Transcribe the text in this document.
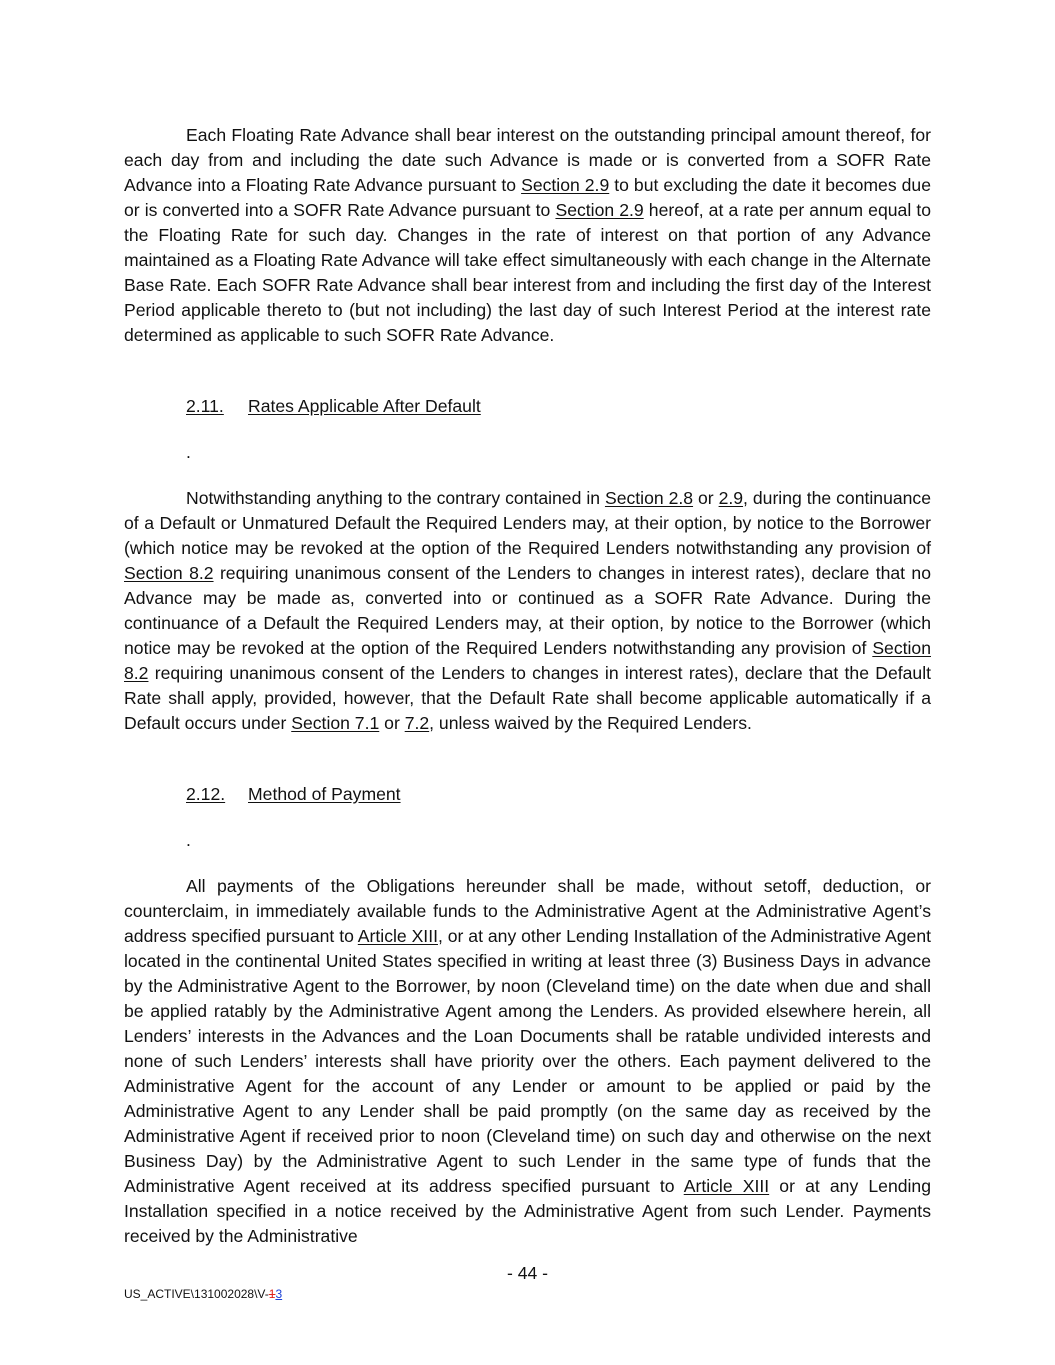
Each Floating Rate Advance shall bear interest on the outstanding principal amount thereof, for each day from and including the date such Advance is made or is converted from a SOFR Rate Advance into a Floating Rate Advance pursuant to Section 2.9 to but excluding the date it becomes due or is converted into a SOFR Rate Advance pursuant to Section 2.9 hereof, at a rate per annum equal to the Floating Rate for such day. Changes in the rate of interest on that portion of any Advance maintained as a Floating Rate Advance will take effect simultaneously with each change in the Alternate Base Rate. Each SOFR Rate Advance shall bear interest from and including the first day of the Interest Period applicable thereto to (but not including) the last day of such Interest Period at the interest rate determined as applicable to such SOFR Rate Advance.

2.11. Rates Applicable After Default
.

Notwithstanding anything to the contrary contained in Section 2.8 or 2.9, during the continuance of a Default or Unmatured Default the Required Lenders may, at their option, by notice to the Borrower (which notice may be revoked at the option of the Required Lenders notwithstanding any provision of Section 8.2 requiring unanimous consent of the Lenders to changes in interest rates), declare that no Advance may be made as, converted into or continued as a SOFR Rate Advance. During the continuance of a Default the Required Lenders may, at their option, by notice to the Borrower (which notice may be revoked at the option of the Required Lenders notwithstanding any provision of Section 8.2 requiring unanimous consent of the Lenders to changes in interest rates), declare that the Default Rate shall apply, provided, however, that the Default Rate shall become applicable automatically if a Default occurs under Section 7.1 or 7.2, unless waived by the Required Lenders.

2.12. Method of Payment
.

All payments of the Obligations hereunder shall be made, without setoff, deduction, or counterclaim, in immediately available funds to the Administrative Agent at the Administrative Agent’s address specified pursuant to Article XIII, or at any other Lending Installation of the Administrative Agent located in the continental United States specified in writing at least three (3) Business Days in advance by the Administrative Agent to the Borrower, by noon (Cleveland time) on the date when due and shall be applied ratably by the Administrative Agent among the Lenders. As provided elsewhere herein, all Lenders’ interests in the Advances and the Loan Documents shall be ratable undivided interests and none of such Lenders’ interests shall have priority over the others. Each payment delivered to the Administrative Agent for the account of any Lender or amount to be applied or paid by the Administrative Agent to any Lender shall be paid promptly (on the same day as received by the Administrative Agent if received prior to noon (Cleveland time) on such day and otherwise on the next Business Day) by the Administrative Agent to such Lender in the same type of funds that the Administrative Agent received at its address specified pursuant to Article XIII or at any Lending Installation specified in a notice received by the Administrative Agent from such Lender. Payments received by the Administrative

- 44 -
US_ACTIVE\131002028\V-13
